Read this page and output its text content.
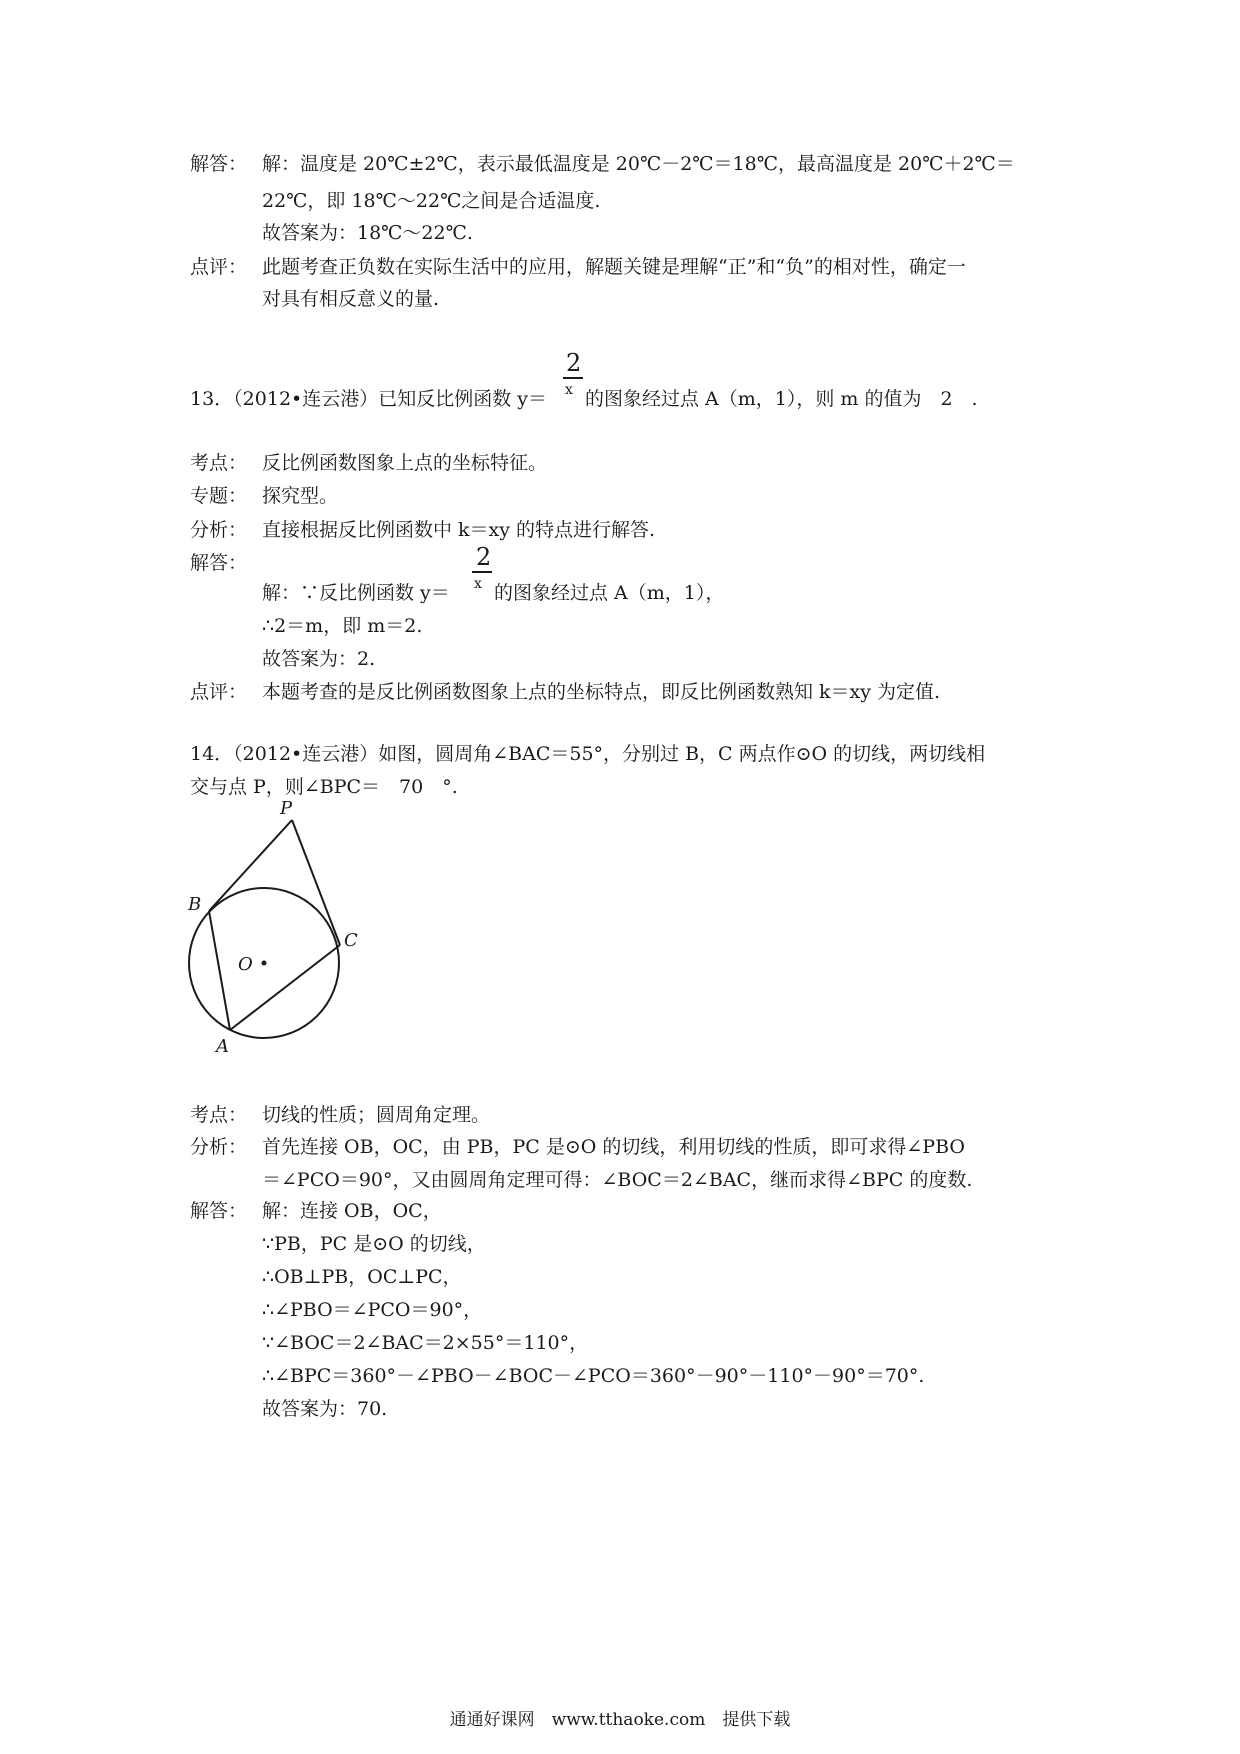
解答： 解：温度是 20℃±2℃，表示最低温度是 20℃－2℃＝18℃，最高温度是 20℃＋2℃＝
22℃，即 18℃～22℃之间是合适温度.
故答案为：18℃～22℃.
点评： 此题考查正负数在实际生活中的应用，解题关键是理解“正”和“负”的相对性，确定一
对具有相反意义的量.
2
x
13．（2012•连云港）已知反比例函数 y＝ 的图象经过点 A（m，1），则 m 的值为　2　.
考点： 反比例函数图象上点的坐标特征。
专题： 探究型。
分析： 直接根据反比例函数中 k＝xy 的特点进行解答.
解答：	2
x
解：∵反比例函数 y＝ 的图象经过点 A（m，1），
∴2＝m，即 m＝2.
故答案为：2.
点评： 本题考查的是反比例函数图象上点的坐标特点，即反比例函数熟知 k＝xy 为定值.
14．（2012•连云港）如图，圆周角∠BAC＝55°，分别过 B，C 两点作⊙O 的切线，两切线相
交与点 P，则∠BPC＝　70　°.
P
B
C
O
A
考点： 切线的性质；圆周角定理。
分析： 首先连接 OB，OC，由 PB，PC 是⊙O 的切线，利用切线的性质，即可求得∠PBO
＝∠PCO＝90°，又由圆周角定理可得：∠BOC＝2∠BAC，继而求得∠BPC 的度数.
解答： 解：连接 OB，OC，
∵PB，PC 是⊙O 的切线，
∴OB⊥PB，OC⊥PC，
∴∠PBO＝∠PCO＝90°，
∵∠BOC＝2∠BAC＝2×55°＝110°，
∴∠BPC＝360°－∠PBO－∠BOC－∠PCO＝360°－90°－110°－90°＝70°.
故答案为：70.
通通好课网　www.tthaoke.com　提供下载
